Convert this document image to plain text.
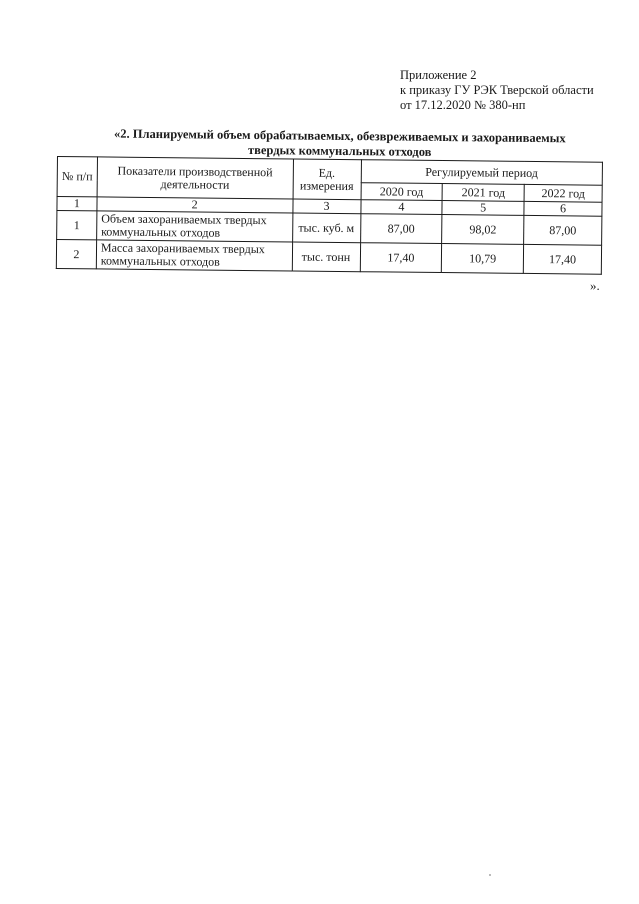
Приложение 2
к приказу ГУ РЭК Тверской области
от 17.12.2020 № 380-нп
«2. Планируемый объем обрабатываемых, обезвреживаемых и захораниваемых
твердых коммунальных отходов
№ п/п	Показатели производственной деятельности	Ед. измерения	Регулируемый период		
			2020 год	2021 год	2022 год
1	2	3	4	5	6
1	Объем захораниваемых твердых коммунальных отходов	тыс. куб. м	87,00	98,02	87,00
2	Масса захораниваемых твердых коммунальных отходов	тыс. тонн	17,40	10,79	17,40
».
